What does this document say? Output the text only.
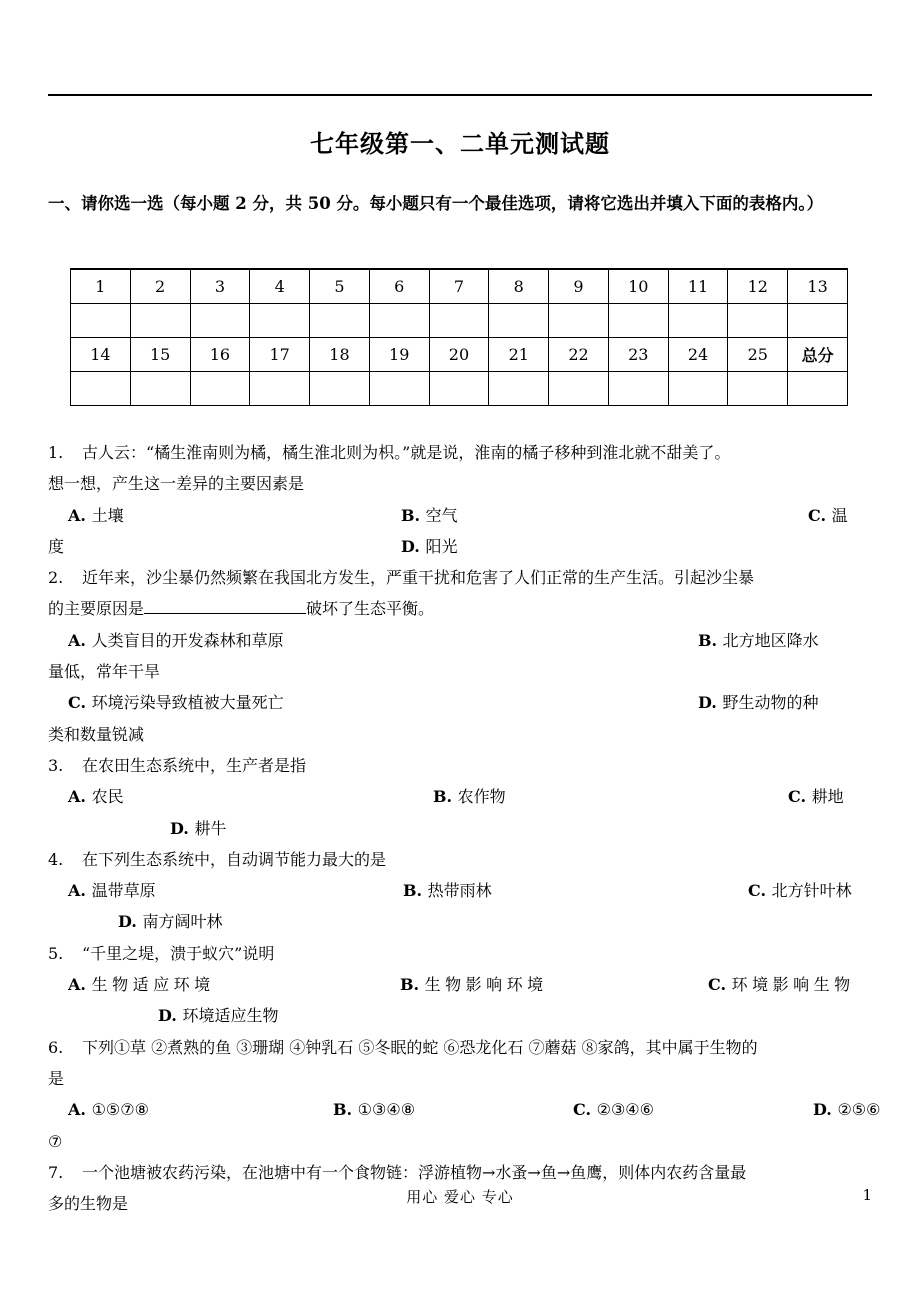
七年级第一、二单元测试题
一、请你选一选（每小题 2 分，共 50 分。每小题只有一个最佳选项，请将它选出并填入下面的表格内。）
1	2	3	4	5	6	7	8	9	10	11	12	13

14	15	16	17	18	19	20	21	22	23	24	25	总分

1. 古人云：“橘生淮南则为橘，橘生淮北则为枳。”就是说，淮南的橘子移种到淮北就不甜美了。
想一想，产生这一差异的主要因素是
A. 土壤	B. 空气	C. 温
度	D. 阳光
2. 近年来，沙尘暴仍然频繁在我国北方发生，严重干扰和危害了人们正常的生产生活。引起沙尘暴
的主要原因是	破坏了生态平衡。
A. 人类盲目的开发森林和草原	B. 北方地区降水
量低，常年干旱
C. 环境污染导致植被大量死亡	D. 野生动物的种
类和数量锐减
3. 在农田生态系统中，生产者是指
A. 农民	B. 农作物	C. 耕地
D. 耕牛
4. 在下列生态系统中，自动调节能力最大的是
A. 温带草原	B. 热带雨林	C. 北方针叶林
D. 南方阔叶林
5. “千里之堤，溃于蚁穴”说明
A. 生物适应环境	B. 生物影响环境	C. 环境影响生物
D. 环境适应生物
6. 下列①草 ②煮熟的鱼 ③珊瑚 ④钟乳石 ⑤冬眠的蛇 ⑥恐龙化石 ⑦蘑菇 ⑧家鸽，其中属于生物的
是
A. ①⑤⑦⑧	B. ①③④⑧	C. ②③④⑥	D. ②⑤⑥
⑦
7. 一个池塘被农药污染，在池塘中有一个食物链：浮游植物→水蚤→鱼→鱼鹰，则体内农药含量最
多的生物是	用心 爱心 专心	1
